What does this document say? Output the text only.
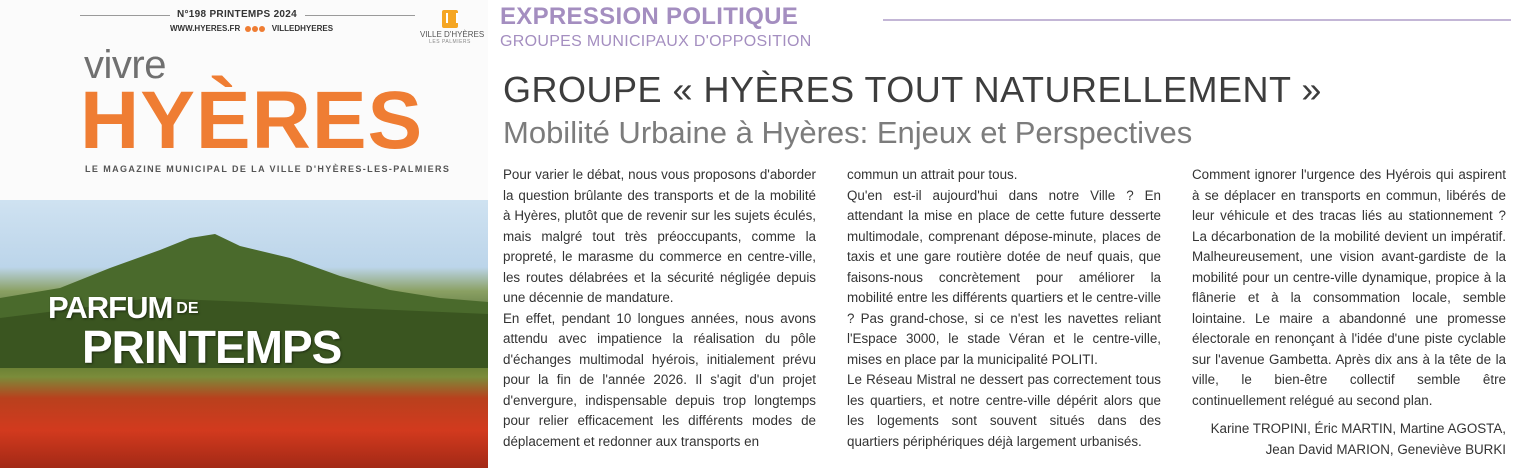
N°198 PRINTEMPS 2024
WWW.HYERES.FR	VILLEDHYERES
VILLE D'HYÈRES
LES PALMIERS
vivre
HYÈRES
LE MAGAZINE MUNICIPAL DE LA VILLE D'HYÈRES-LES-PALMIERS
PARFUM DE
PRINTEMPS
EXPRESSION POLITIQUE
GROUPES MUNICIPAUX D'OPPOSITION
GROUPE « HYÈRES TOUT NATURELLEMENT »
Mobilité Urbaine à Hyères: Enjeux et Perspectives

Pour varier le débat, nous vous proposons d'aborder la question brûlante des transports et de la mobilité à Hyères, plutôt que de revenir sur les sujets éculés, mais malgré tout très préoccupants, comme la propreté, le marasme du commerce en centre-ville, les routes délabrées et la sécurité négligée depuis une décennie de mandature.

En effet, pendant 10 longues années, nous avons attendu avec impatience la réalisation du pôle d'échanges multimodal hyérois, initialement prévu pour la fin de l'année 2026. Il s'agit d'un projet d'envergure, indispensable depuis trop longtemps pour relier efficacement les différents modes de déplacement et redonner aux transports en

commun un attrait pour tous.

Qu'en est-il aujourd'hui dans notre Ville ? En attendant la mise en place de cette future desserte multimodale, comprenant dépose-minute, places de taxis et une gare routière dotée de neuf quais, que faisons-nous concrètement pour améliorer la mobilité entre les différents quartiers et le centre-ville ? Pas grand-chose, si ce n'est les navettes reliant l'Espace 3000, le stade Véran et le centre-ville, mises en place par la municipalité POLITI.

Le Réseau Mistral ne dessert pas correctement tous les quartiers, et notre centre-ville dépérit alors que les logements sont souvent situés dans des quartiers périphériques déjà largement urbanisés.

Comment ignorer l'urgence des Hyérois qui aspirent à se déplacer en transports en commun, libérés de leur véhicule et des tracas liés au stationnement ? La décarbonation de la mobilité devient un impératif. Malheureusement, une vision avant-gardiste de la mobilité pour un centre-ville dynamique, propice à la flânerie et à la consommation locale, semble lointaine. Le maire a abandonné une promesse électorale en renonçant à l'idée d'une piste cyclable sur l'avenue Gambetta. Après dix ans à la tête de la ville, le bien-être collectif semble être continuellement relégué au second plan.

Karine TROPINI, Éric MARTIN, Martine AGOSTA, Jean David MARION, Geneviève BURKI
